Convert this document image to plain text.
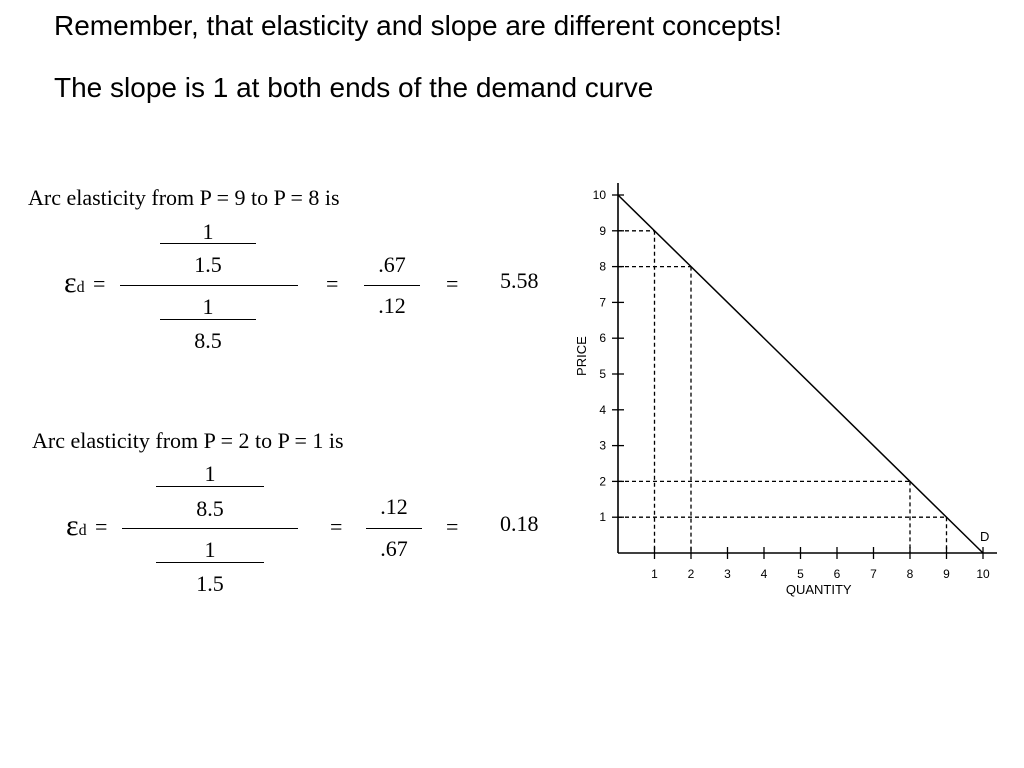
Remember, that elasticity and slope are different concepts!
The slope is 1 at both ends of the demand curve
Arc elasticity from P = 9 to P = 8 is
1
1.5
εd =
1
8.5
=
.67
.12
= 5.58
Arc elasticity from P = 2 to P = 1 is
1
8.5
εd =
1
1.5
=
.12
.67
= 0.18
1 2 3 4 5 6 7 8 9 10
1
2
3
4
5
6
7
8
9
10
D
QUANTITY
PRICE
